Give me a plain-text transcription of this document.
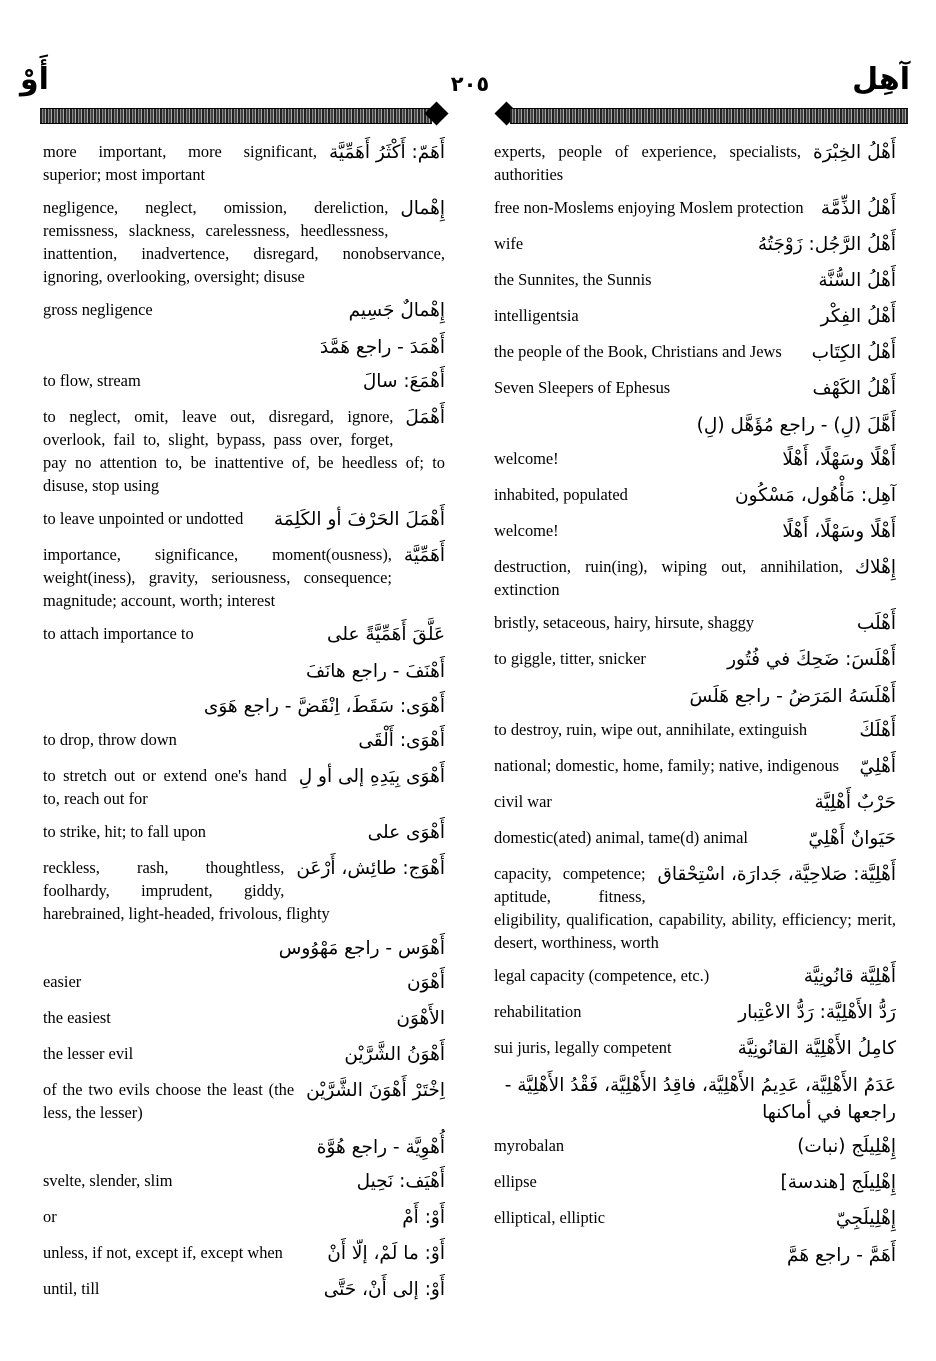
آهِل
٢٠٥
أَوْ
أَهَمّ: أَكْثَرُ أَهَمِّيَّة
more important, more significant, superior; most important
إِهْمال
negligence, neglect, omission, dereliction, remissness, slackness, carelessness, heedlessness, inattention, inadvertence, disregard, nonobservance, ignoring, overlooking, oversight; disuse
إِهْمالٌ جَسِيم
gross negligence
أَهْمَدَ - راجع هَمَّدَ
أَهْمَعَ: سالَ
to flow, stream
أَهْمَلَ
to neglect, omit, leave out, disregard, ignore, overlook, fail to, slight, bypass, pass over, forget, pay no attention to, be inattentive of, be heedless of; to disuse, stop using
أَهْمَلَ الحَرْفَ أو الكَلِمَة
to leave unpointed or undotted
أَهَمِّيَّة
importance, significance, moment(ousness), weight(iness), gravity, seriousness, consequence; magnitude; account, worth; interest
عَلَّقَ أَهَمِّيَّةً على
to attach importance to
أَهْنَفَ - راجع هانَفَ
أَهْوَى: سَقَطَ، اِنْقَضَّ - راجع هَوَى
أَهْوَى: أَلْقَى
to drop, throw down
أَهْوَى بِيَدِهِ إلى أو لِ
to stretch out or extend one's hand to, reach out for
أَهْوَى على
to strike, hit; to fall upon
أَهْوَج: طائِش، أَرْعَن
reckless, rash, thoughtless, foolhardy, imprudent, giddy, harebrained, light-headed, frivolous, flighty
أَهْوَس - راجع مَهْوُوس
أَهْوَن
easier
الأَهْوَن
the easiest
أَهْوَنُ الشَّرَّيْن
the lesser evil
اِخْتَرْ أَهْوَنَ الشَّرَّيْن
of the two evils choose the least (the less, the lesser)
أُهْوِيَّة - راجع هُوَّة
أَهْيَف: نَحِيل
svelte, slender, slim
أَوْ: أَمْ
or
أَوْ: ما لَمْ، إلّا أَنْ
unless, if not, except if, except when
أَوْ: إلى أَنْ، حَتَّى
until, till
أَهْلُ الخِبْرَة
experts, people of experience, specialists, authorities
أَهْلُ الذِّمَّة
free non-Moslems enjoying Moslem protection
أَهْلُ الرَّجُل: زَوْجَتُهُ
wife
أَهْلُ السُّنَّة
the Sunnites, the Sunnis
أَهْلُ الفِكْر
intelligentsia
أَهْلُ الكِتَاب
the people of the Book, Christians and Jews
أَهْلُ الكَهْف
Seven Sleepers of Ephesus
أَهَّلَ (لِ) - راجع مُؤَهَّل (لِ)
أَهْلًا وسَهْلًا، أَهْلًا
welcome!
آهِل: مَأْهُول، مَسْكُون
inhabited, populated
أَهْلًا وسَهْلًا، أَهْلًا
welcome!
إِهْلاك
destruction, ruin(ing), wiping out, annihilation, extinction
أَهْلَب
bristly, setaceous, hairy, hirsute, shaggy
أَهْلَسَ: ضَحِكَ في فُتُور
to giggle, titter, snicker
أَهْلَسَهُ المَرَضُ - راجع هَلَسَ
أَهْلَكَ
to destroy, ruin, wipe out, annihilate, extinguish
أَهْلِيّ
national; domestic, home, family; native, indigenous
حَرْبٌ أَهْلِيَّة
civil war
حَيَوانٌ أَهْلِيّ
domestic(ated) animal, tame(d) animal
أَهْلِيَّة: صَلاحِيَّة، جَدارَة، اسْتِحْقاق
capacity, competence; aptitude, fitness, eligibility, qualification, capability, ability, efficiency; merit, desert, worthiness, worth
أَهْلِيَّة قانُونِيَّة
legal capacity (competence, etc.)
رَدُّ الأَهْلِيَّة: رَدُّ الاعْتِبار
rehabilitation
كامِلُ الأَهْلِيَّة القانُونِيَّة
sui juris, legally competent
عَدَمُ الأَهْلِيَّة، عَدِيمُ الأَهْلِيَّة، فاقِدُ الأَهْلِيَّة، فَقْدُ الأَهْلِيَّة - راجعها في أماكنها
إِهْلِيلَج (نبات)
myrobalan
إِهْلِيلَج [هندسة]
ellipse
إِهْلِيلَجِيّ
elliptical, elliptic
أَهَمَّ - راجع هَمَّ
